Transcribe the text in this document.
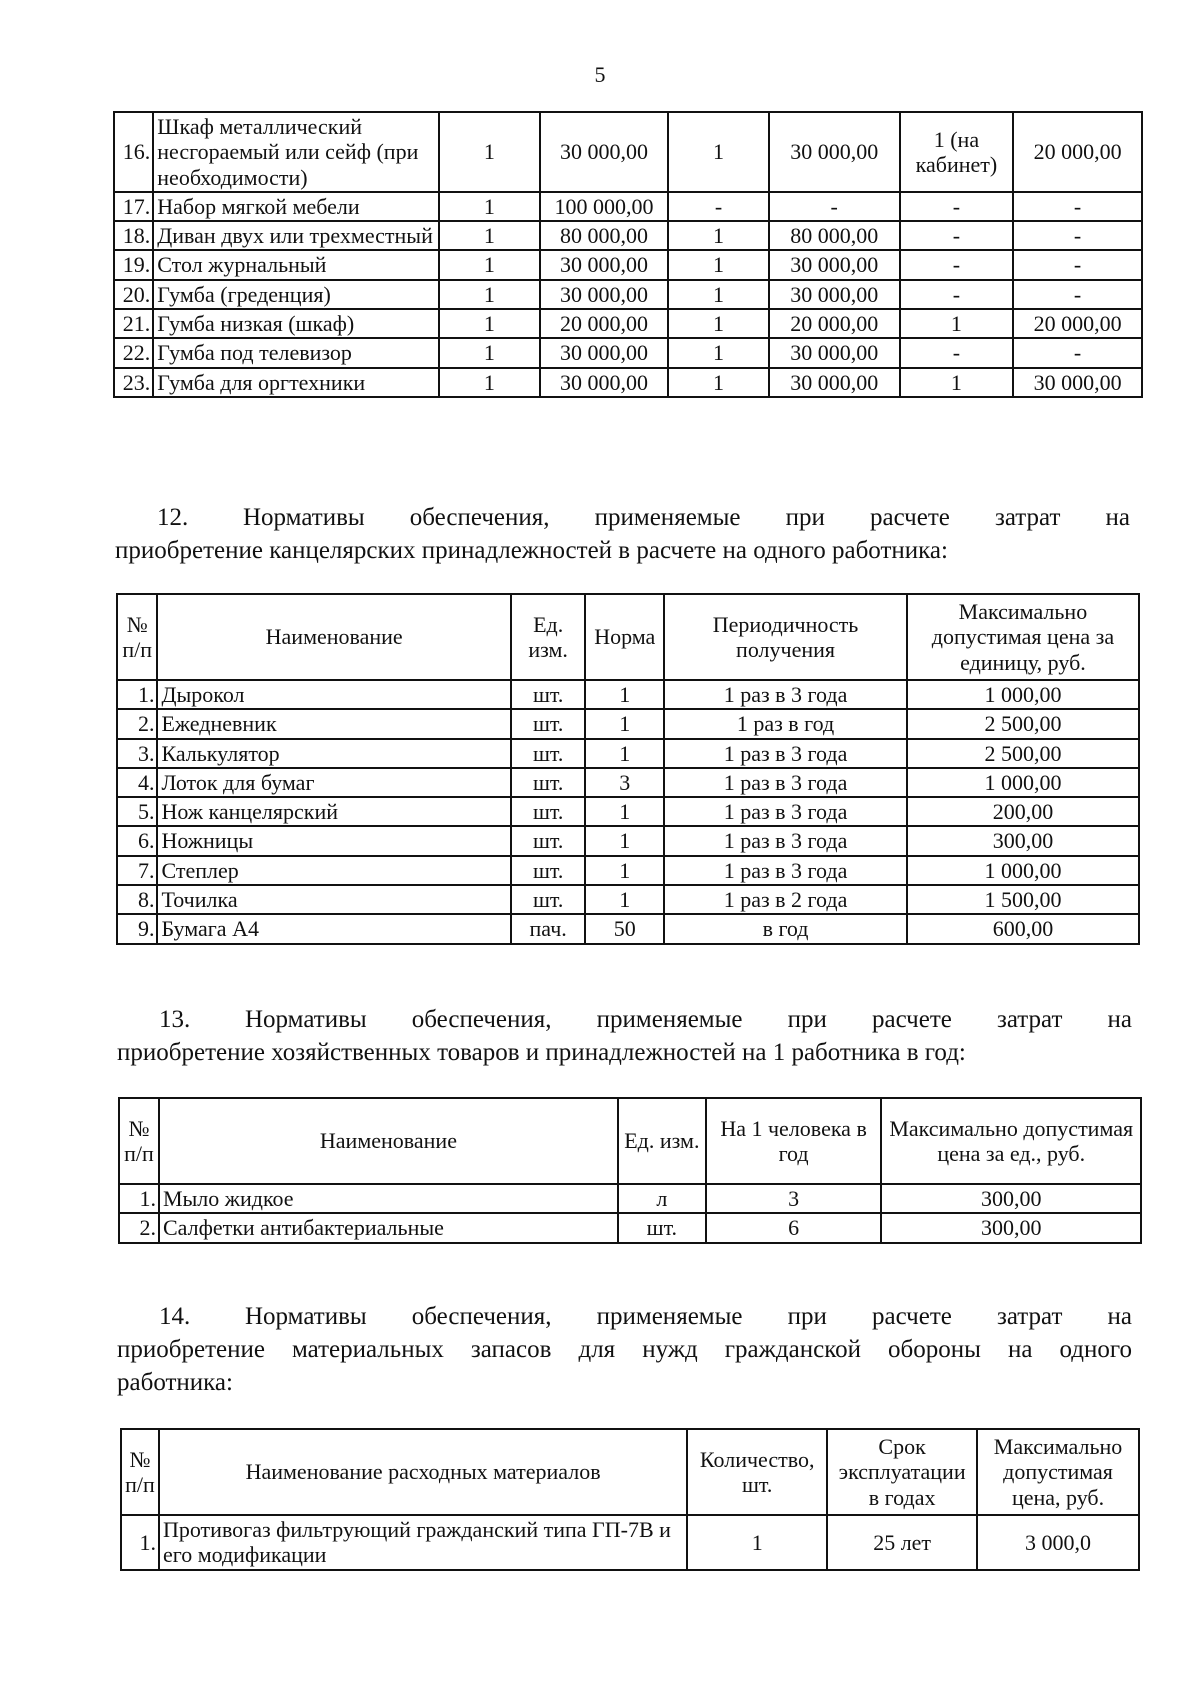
5
16.	Шкаф металлический несгораемый или сейф (при необходимости)	1	30 000,00	1	30 000,00	1 (на кабинет)	20 000,00
17.	Набор мягкой мебели	1	100 000,00	-	-	-	-
18.	Диван двух или трехместный	1	80 000,00	1	80 000,00	-	-
19.	Стол журнальный	1	30 000,00	1	30 000,00	-	-
20.	Гумба (греденция)	1	30 000,00	1	30 000,00	-	-
21.	Гумба низкая (шкаф)	1	20 000,00	1	20 000,00	1	20 000,00
22.	Гумба под телевизор	1	30 000,00	1	30 000,00	-	-
23.	Гумба для оргтехники	1	30 000,00	1	30 000,00	1	30 000,00
12. Нормативы обеспечения, применяемые при расчете затрат на
приобретение канцелярских принадлежностей в расчете на одного работника:
№ п/п	Наименование	Ед. изм.	Норма	Периодичность получения	Максимально допустимая цена за единицу, руб.
1.	Дырокол	шт.	1	1 раз в 3 года	1 000,00
2.	Ежедневник	шт.	1	1 раз в год	2 500,00
3.	Калькулятор	шт.	1	1 раз в 3 года	2 500,00
4.	Лоток для бумаг	шт.	3	1 раз в 3 года	1 000,00
5.	Нож канцелярский	шт.	1	1 раз в 3 года	200,00
6.	Ножницы	шт.	1	1 раз в 3 года	300,00
7.	Степлер	шт.	1	1 раз в 3 года	1 000,00
8.	Точилка	шт.	1	1 раз в 2 года	1 500,00
9.	Бумага А4	пач.	50	в год	600,00
13. Нормативы обеспечения, применяемые при расчете затрат на
приобретение хозяйственных товаров и принадлежностей на 1 работника в год:
№ п/п	Наименование	Ед. изм.	На 1 человека в год	Максимально допустимая цена за ед., руб.
1.	Мыло жидкое	л	3	300,00
2.	Салфетки антибактериальные	шт.	6	300,00
14. Нормативы обеспечения, применяемые при расчете затрат на
приобретение материальных запасов для нужд гражданской обороны на одного
работника:
№ п/п	Наименование расходных материалов	Количество, шт.	Срок эксплуатации в годах	Максимально допустимая цена, руб.
1.	Противогаз фильтрующий гражданский типа ГП-7В и его модификации	1	25 лет	3 000,0
